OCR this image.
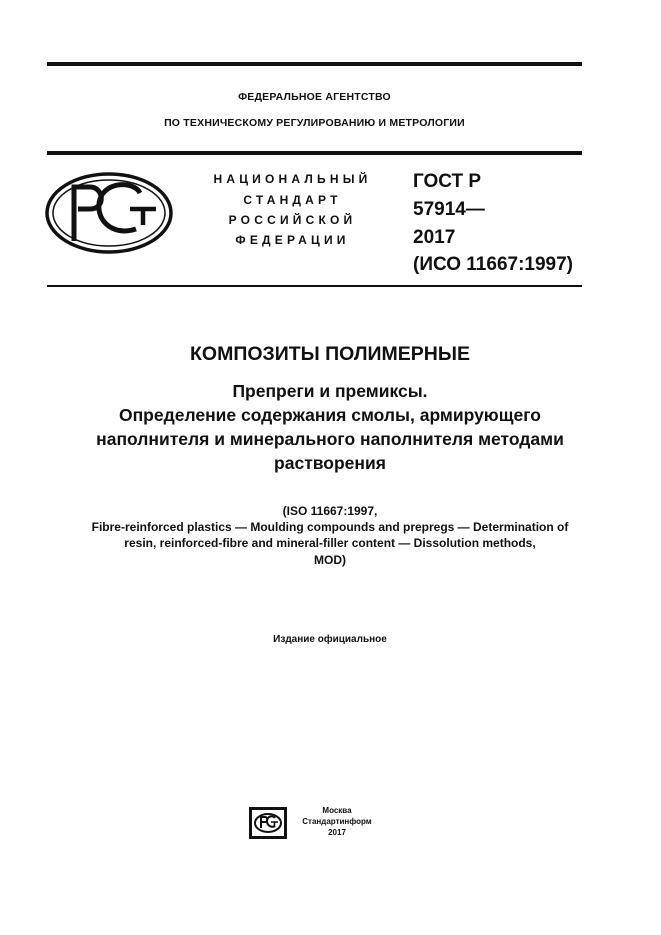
ФЕДЕРАЛЬНОЕ АГЕНТСТВО
ПО ТЕХНИЧЕСКОМУ РЕГУЛИРОВАНИЮ И МЕТРОЛОГИИ
НАЦИОНАЛЬНЫЙ
СТАНДАРТ
РОССИЙСКОЙ
ФЕДЕРАЦИИ
ГОСТ Р
57914—
2017
(ИСО 11667:1997)
КОМПОЗИТЫ ПОЛИМЕРНЫЕ
Препреги и премиксы.
Определение содержания смолы, армирующего
наполнителя и минерального наполнителя методами
растворения
(ISO 11667:1997,
Fibre-reinforced plastics — Moulding compounds and prepregs — Determination of
resin, reinforced-fibre and mineral-filler content — Dissolution methods,
MOD)
Издание официальное
Москва
Стандартинформ
2017
